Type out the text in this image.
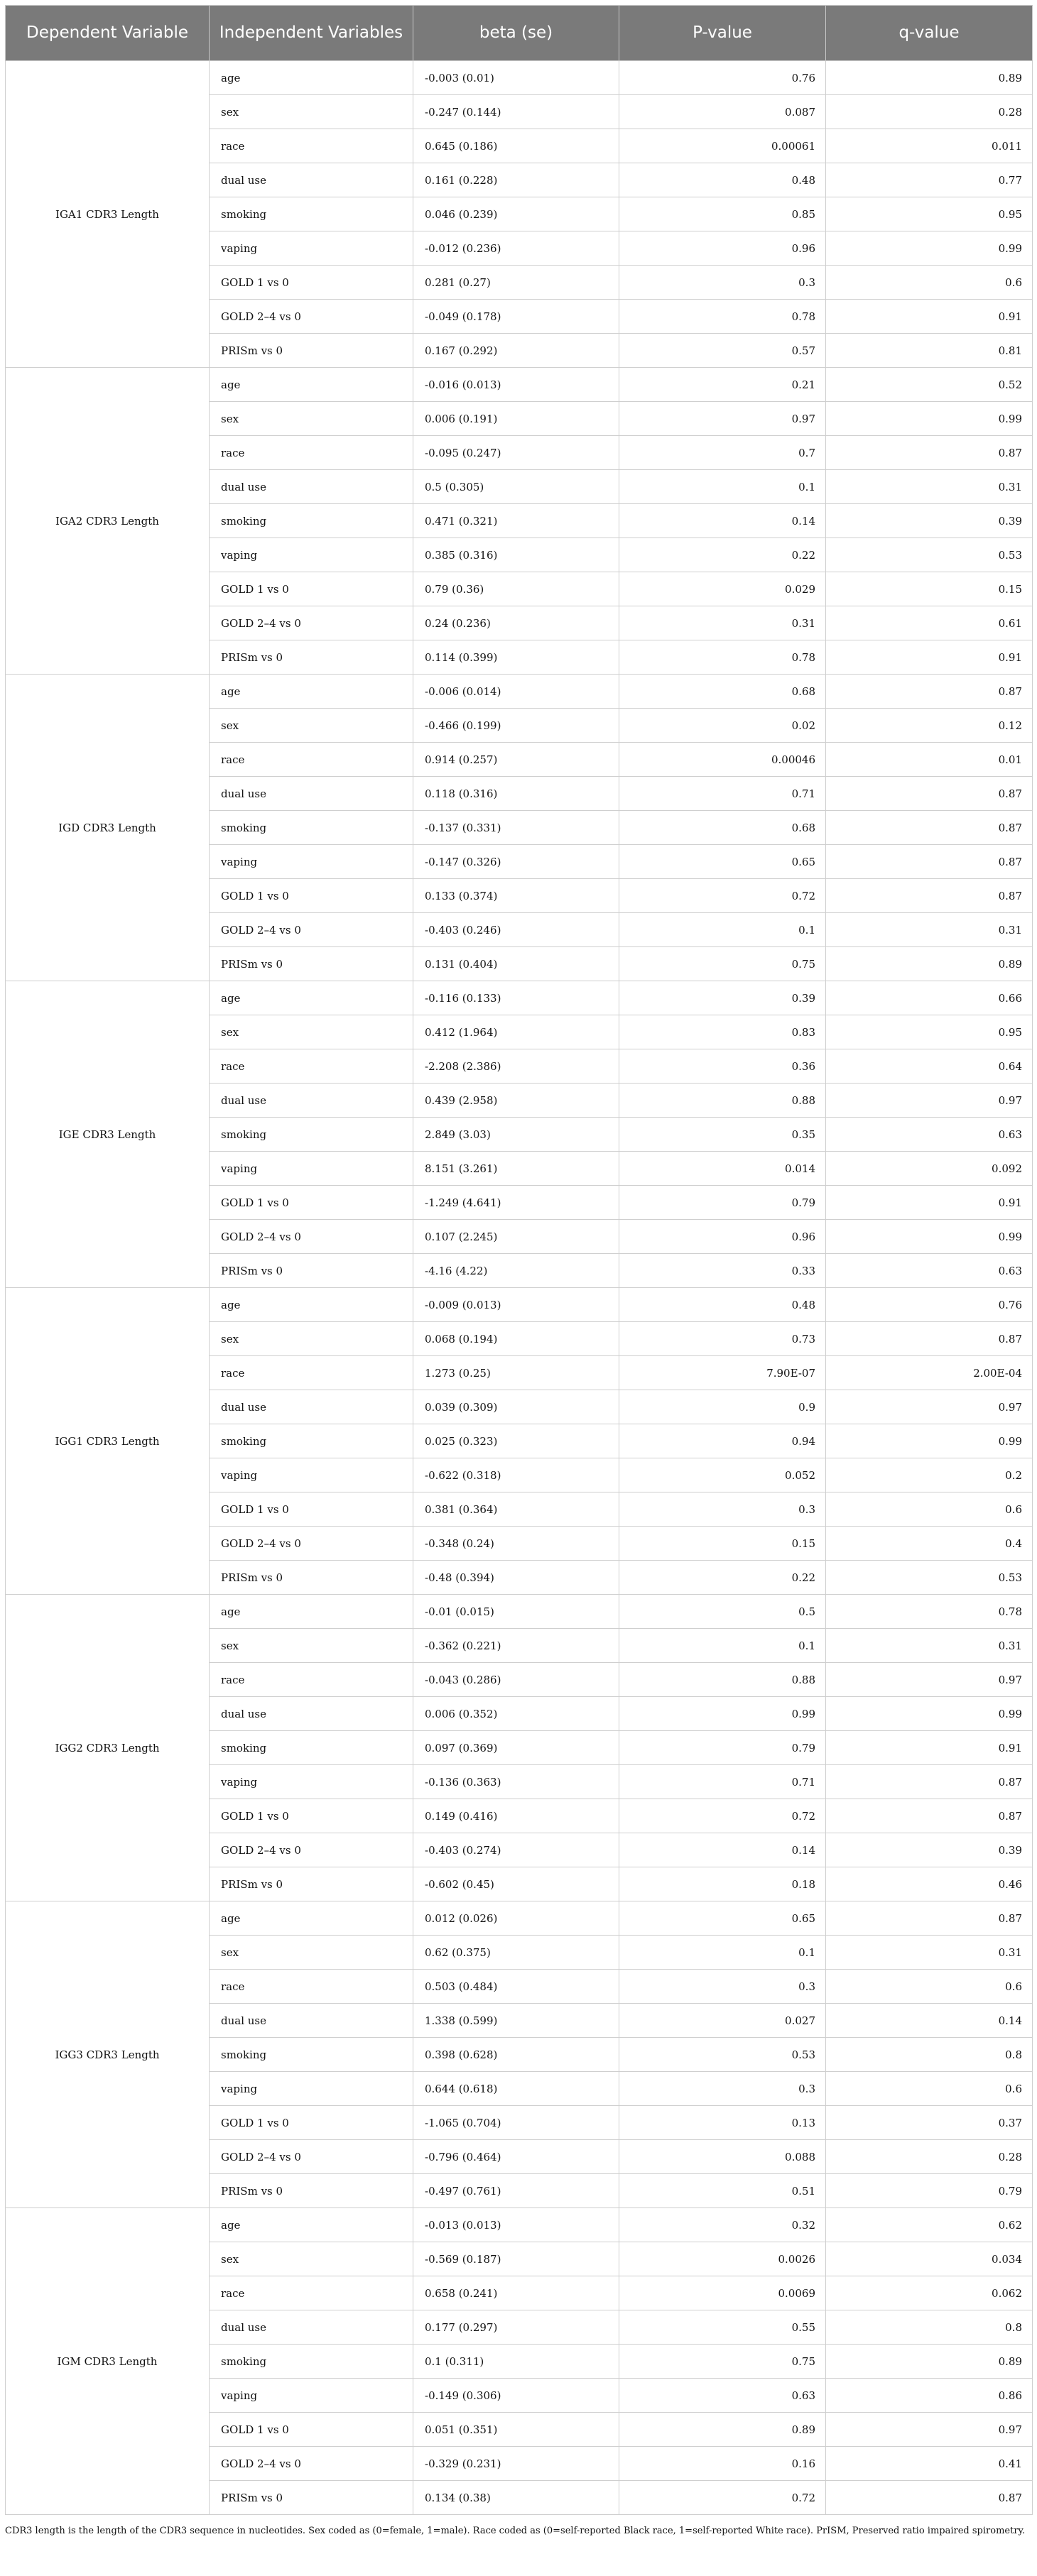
Dependent Variable	Independent Variables	beta (se)	P-value	q-value
IGA1 CDR3 Length	age	-0.003 (0.01)	0.76	0.89
	sex	-0.247 (0.144)	0.087	0.28
	race	0.645 (0.186)	0.00061	0.011
	dual use	0.161 (0.228)	0.48	0.77
	smoking	0.046 (0.239)	0.85	0.95
	vaping	-0.012 (0.236)	0.96	0.99
	GOLD 1 vs 0	0.281 (0.27)	0.3	0.6
	GOLD 2–4 vs 0	-0.049 (0.178)	0.78	0.91
	PRISm vs 0	0.167 (0.292)	0.57	0.81
IGA2 CDR3 Length	age	-0.016 (0.013)	0.21	0.52
	sex	0.006 (0.191)	0.97	0.99
	race	-0.095 (0.247)	0.7	0.87
	dual use	0.5 (0.305)	0.1	0.31
	smoking	0.471 (0.321)	0.14	0.39
	vaping	0.385 (0.316)	0.22	0.53
	GOLD 1 vs 0	0.79 (0.36)	0.029	0.15
	GOLD 2–4 vs 0	0.24 (0.236)	0.31	0.61
	PRISm vs 0	0.114 (0.399)	0.78	0.91
IGD CDR3 Length	age	-0.006 (0.014)	0.68	0.87
	sex	-0.466 (0.199)	0.02	0.12
	race	0.914 (0.257)	0.00046	0.01
	dual use	0.118 (0.316)	0.71	0.87
	smoking	-0.137 (0.331)	0.68	0.87
	vaping	-0.147 (0.326)	0.65	0.87
	GOLD 1 vs 0	0.133 (0.374)	0.72	0.87
	GOLD 2–4 vs 0	-0.403 (0.246)	0.1	0.31
	PRISm vs 0	0.131 (0.404)	0.75	0.89
IGE CDR3 Length	age	-0.116 (0.133)	0.39	0.66
	sex	0.412 (1.964)	0.83	0.95
	race	-2.208 (2.386)	0.36	0.64
	dual use	0.439 (2.958)	0.88	0.97
	smoking	2.849 (3.03)	0.35	0.63
	vaping	8.151 (3.261)	0.014	0.092
	GOLD 1 vs 0	-1.249 (4.641)	0.79	0.91
	GOLD 2–4 vs 0	0.107 (2.245)	0.96	0.99
	PRISm vs 0	-4.16 (4.22)	0.33	0.63
IGG1 CDR3 Length	age	-0.009 (0.013)	0.48	0.76
	sex	0.068 (0.194)	0.73	0.87
	race	1.273 (0.25)	7.90E-07	2.00E-04
	dual use	0.039 (0.309)	0.9	0.97
	smoking	0.025 (0.323)	0.94	0.99
	vaping	-0.622 (0.318)	0.052	0.2
	GOLD 1 vs 0	0.381 (0.364)	0.3	0.6
	GOLD 2–4 vs 0	-0.348 (0.24)	0.15	0.4
	PRISm vs 0	-0.48 (0.394)	0.22	0.53
IGG2 CDR3 Length	age	-0.01 (0.015)	0.5	0.78
	sex	-0.362 (0.221)	0.1	0.31
	race	-0.043 (0.286)	0.88	0.97
	dual use	0.006 (0.352)	0.99	0.99
	smoking	0.097 (0.369)	0.79	0.91
	vaping	-0.136 (0.363)	0.71	0.87
	GOLD 1 vs 0	0.149 (0.416)	0.72	0.87
	GOLD 2–4 vs 0	-0.403 (0.274)	0.14	0.39
	PRISm vs 0	-0.602 (0.45)	0.18	0.46
IGG3 CDR3 Length	age	0.012 (0.026)	0.65	0.87
	sex	0.62 (0.375)	0.1	0.31
	race	0.503 (0.484)	0.3	0.6
	dual use	1.338 (0.599)	0.027	0.14
	smoking	0.398 (0.628)	0.53	0.8
	vaping	0.644 (0.618)	0.3	0.6
	GOLD 1 vs 0	-1.065 (0.704)	0.13	0.37
	GOLD 2–4 vs 0	-0.796 (0.464)	0.088	0.28
	PRISm vs 0	-0.497 (0.761)	0.51	0.79
IGM CDR3 Length	age	-0.013 (0.013)	0.32	0.62
	sex	-0.569 (0.187)	0.0026	0.034
	race	0.658 (0.241)	0.0069	0.062
	dual use	0.177 (0.297)	0.55	0.8
	smoking	0.1 (0.311)	0.75	0.89
	vaping	-0.149 (0.306)	0.63	0.86
	GOLD 1 vs 0	0.051 (0.351)	0.89	0.97
	GOLD 2–4 vs 0	-0.329 (0.231)	0.16	0.41
	PRISm vs 0	0.134 (0.38)	0.72	0.87
CDR3 length is the length of the CDR3 sequence in nucleotides. Sex coded as (0=female, 1=male). Race coded as (0=self-reported Black race, 1=self-reported White race). PrISM, Preserved ratio impaired spirometry.
